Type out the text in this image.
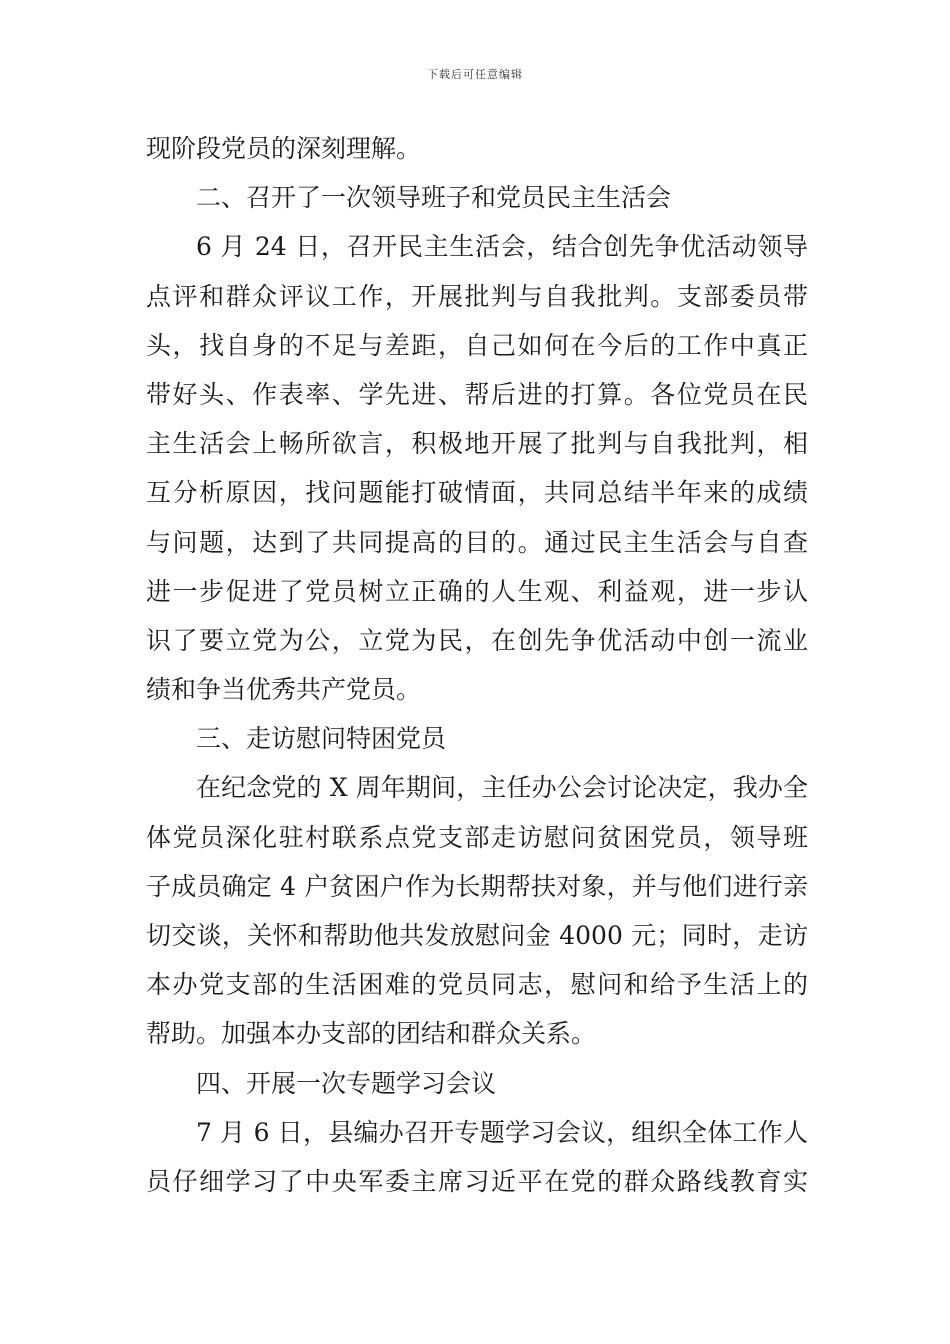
下载后可任意编辑
现阶段党员的深刻理解。
二、召开了一次领导班子和党员民主生活会
6 月 24 日，召开民主生活会，结合创先争优活动领导
点评和群众评议工作，开展批判与自我批判。支部委员带
头，找自身的不足与差距，自己如何在今后的工作中真正
带好头、作表率、学先进、帮后进的打算。各位党员在民
主生活会上畅所欲言，积极地开展了批判与自我批判，相
互分析原因，找问题能打破情面，共同总结半年来的成绩
与问题，达到了共同提高的目的。通过民主生活会与自查
进一步促进了党员树立正确的人生观、利益观，进一步认
识了要立党为公，立党为民，在创先争优活动中创一流业
绩和争当优秀共产党员。
三、走访慰问特困党员
在纪念党的 X 周年期间，主任办公会讨论决定，我办全
体党员深化驻村联系点党支部走访慰问贫困党员，领导班
子成员确定 4 户贫困户作为长期帮扶对象，并与他们进行亲
切交谈，关怀和帮助他共发放慰问金 4000 元；同时，走访
本办党支部的生活困难的党员同志，慰问和给予生活上的
帮助。加强本办支部的团结和群众关系。
四、开展一次专题学习会议
7 月 6 日，县编办召开专题学习会议，组织全体工作人
员仔细学习了中央军委主席习近平在党的群众路线教育实
